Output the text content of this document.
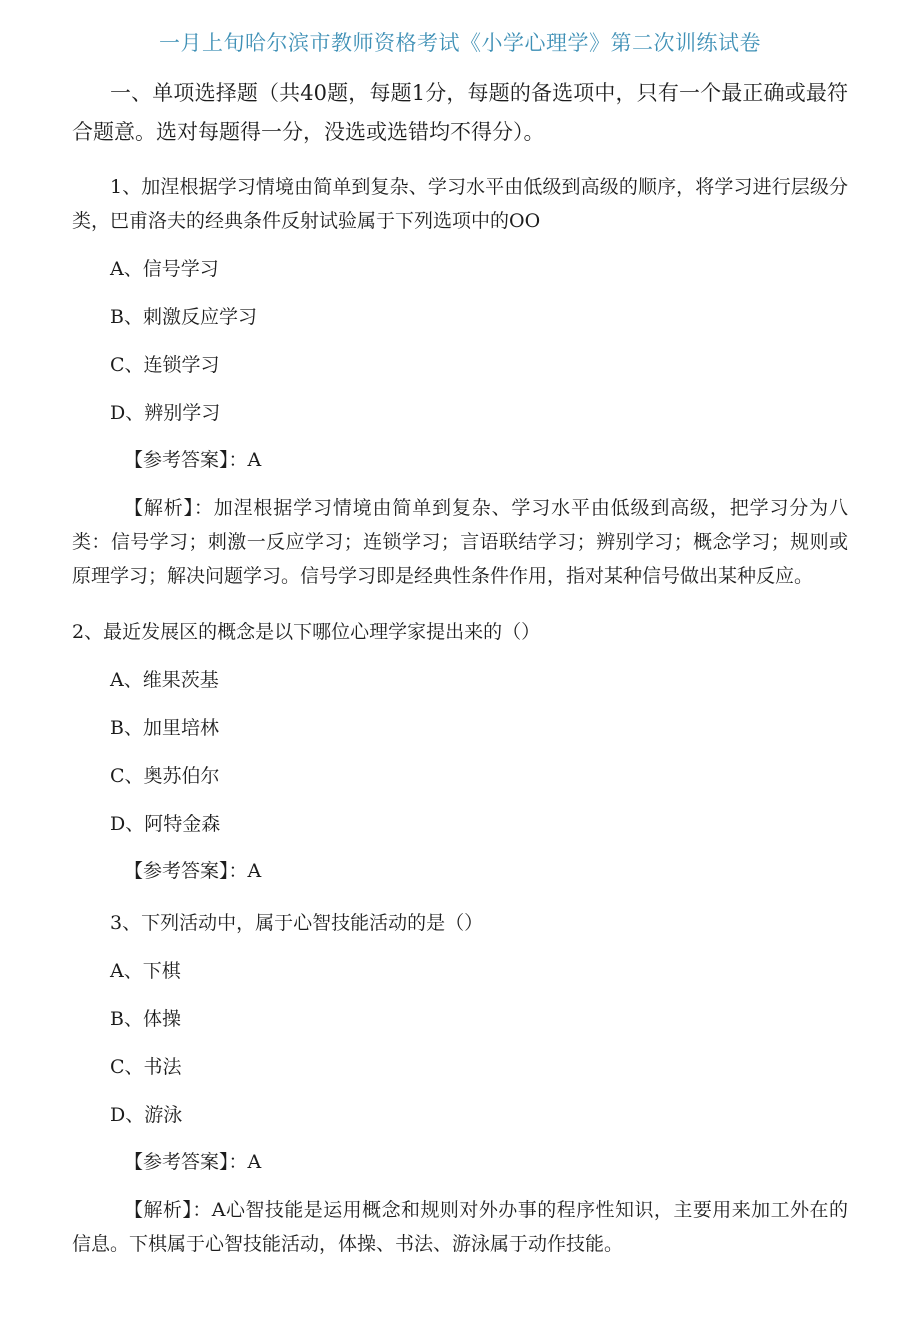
一月上旬哈尔滨市教师资格考试《小学心理学》第二次训练试卷
一、单项选择题（共40题，每题1分，每题的备选项中，只有一个最正确或最符合题意。选对每题得一分，没选或选错均不得分）。
1、加涅根据学习情境由简单到复杂、学习水平由低级到高级的顺序，将学习进行层级分类，巴甫洛夫的经典条件反射试验属于下列选项中的OO
A、信号学习
B、刺激反应学习
C、连锁学习
D、辨别学习
【参考答案】：A
【解析】：加涅根据学习情境由简单到复杂、学习水平由低级到高级，把学习分为八类：信号学习；刺激一反应学习；连锁学习；言语联结学习；辨别学习；概念学习；规则或原理学习；解决问题学习。信号学习即是经典性条件作用，指对某种信号做出某种反应。
2、最近发展区的概念是以下哪位心理学家提出来的（）
A、维果茨基
B、加里培林
C、奥苏伯尔
D、阿特金森
【参考答案】：A
3、下列活动中，属于心智技能活动的是（）
A、下棋
B、体操
C、书法
D、游泳
【参考答案】：A
【解析】：A心智技能是运用概念和规则对外办事的程序性知识，主要用来加工外在的信息。下棋属于心智技能活动，体操、书法、游泳属于动作技能。
